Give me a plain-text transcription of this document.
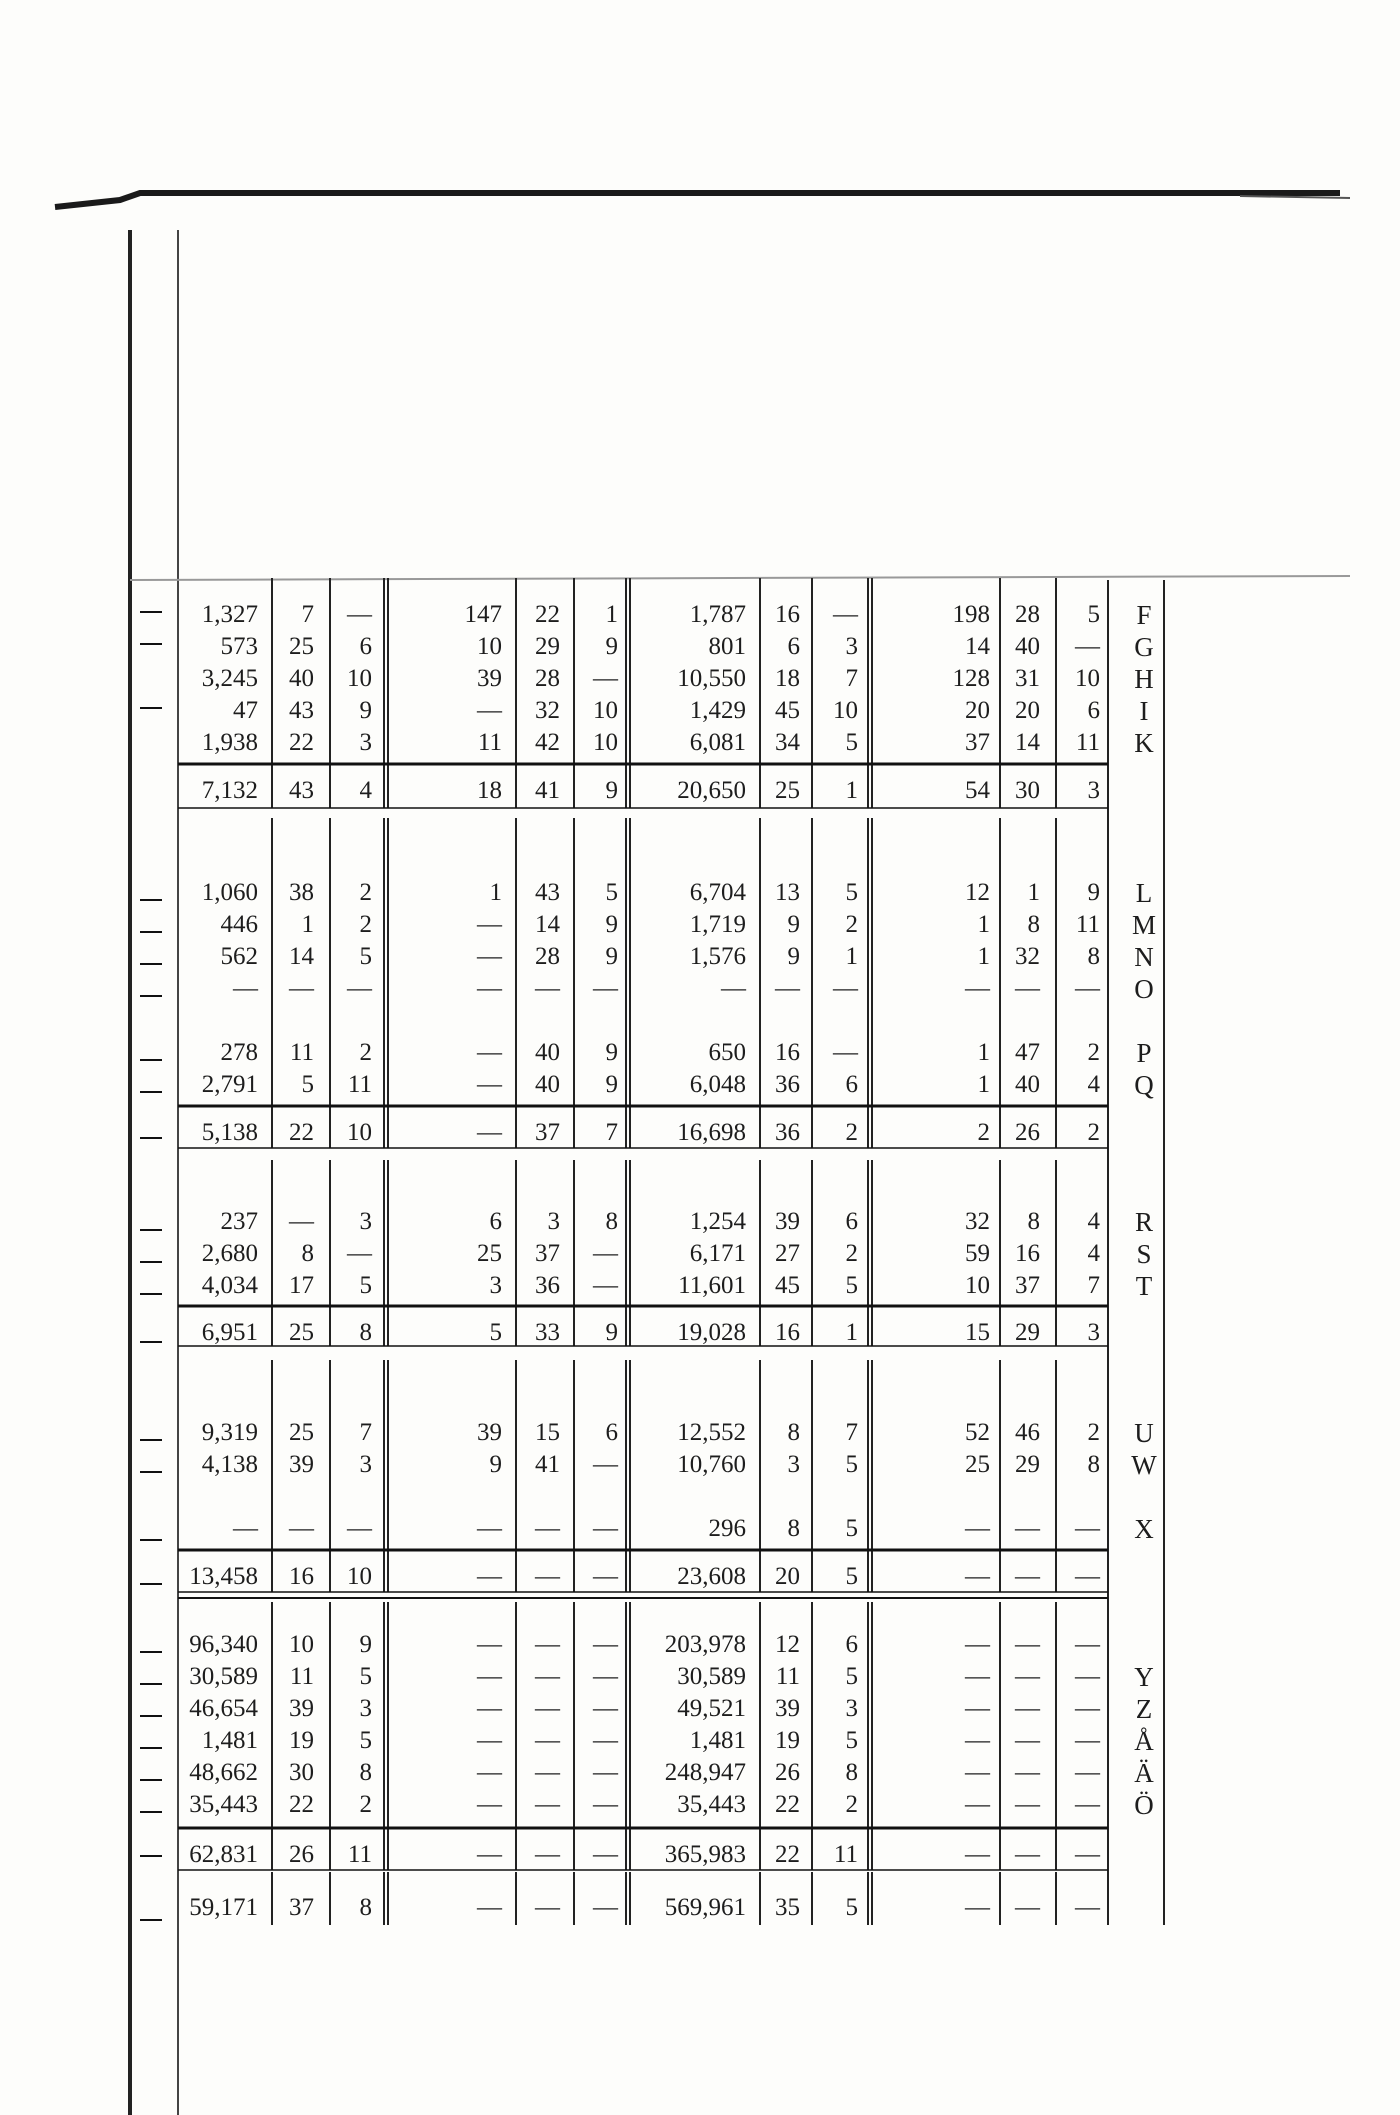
1,327	7	—	147	22	1	1,787	16	—	198	28	5	F
573	25	6	10	29	9	801	6	3	14	40	—	G
3,245	40	10	39	28	—	10,550	18	7	128	31	10	H
47	43	9	—	32	10	1,429	45	10	20	20	6	I
1,938	22	3	11	42	10	6,081	34	5	37	14	11	K
7,132	43	4	18	41	9	20,650	25	1	54	30	3
1,060	38	2	1	43	5	6,704	13	5	12	1	9	L
446	1	2	—	14	9	1,719	9	2	1	8	11	M
562	14	5	—	28	9	1,576	9	1	1	32	8	N
—	—	—	—	—	—	—	—	—	—	—	—	O
278	11	2	—	40	9	650	16	—	1	47	2	P
2,791	5	11	—	40	9	6,048	36	6	1	40	4	Q
5,138	22	10	—	37	7	16,698	36	2	2	26	2
237	—	3	6	3	8	1,254	39	6	32	8	4	R
2,680	8	—	25	37	—	6,171	27	2	59	16	4	S
4,034	17	5	3	36	—	11,601	45	5	10	37	7	T
6,951	25	8	5	33	9	19,028	16	1	15	29	3
9,319	25	7	39	15	6	12,552	8	7	52	46	2	U
4,138	39	3	9	41	—	10,760	3	5	25	29	8	W
—	—	—	—	—	—	296	8	5	—	—	—	X
13,458	16	10	—	—	—	23,608	20	5	—	—	—
96,340	10	9	—	—	—	203,978	12	6	—	—	—
30,589	11	5	—	—	—	30,589	11	5	—	—	—	Y
46,654	39	3	—	—	—	49,521	39	3	—	—	—	Z
1,481	19	5	—	—	—	1,481	19	5	—	—	—	Å
48,662	30	8	—	—	—	248,947	26	8	—	—	—	Ä
35,443	22	2	—	—	—	35,443	22	2	—	—	—	Ö
62,831	26	11	—	—	—	365,983	22	11	—	—	—
59,171	37	8	—	—	—	569,961	35	5	—	—	—
